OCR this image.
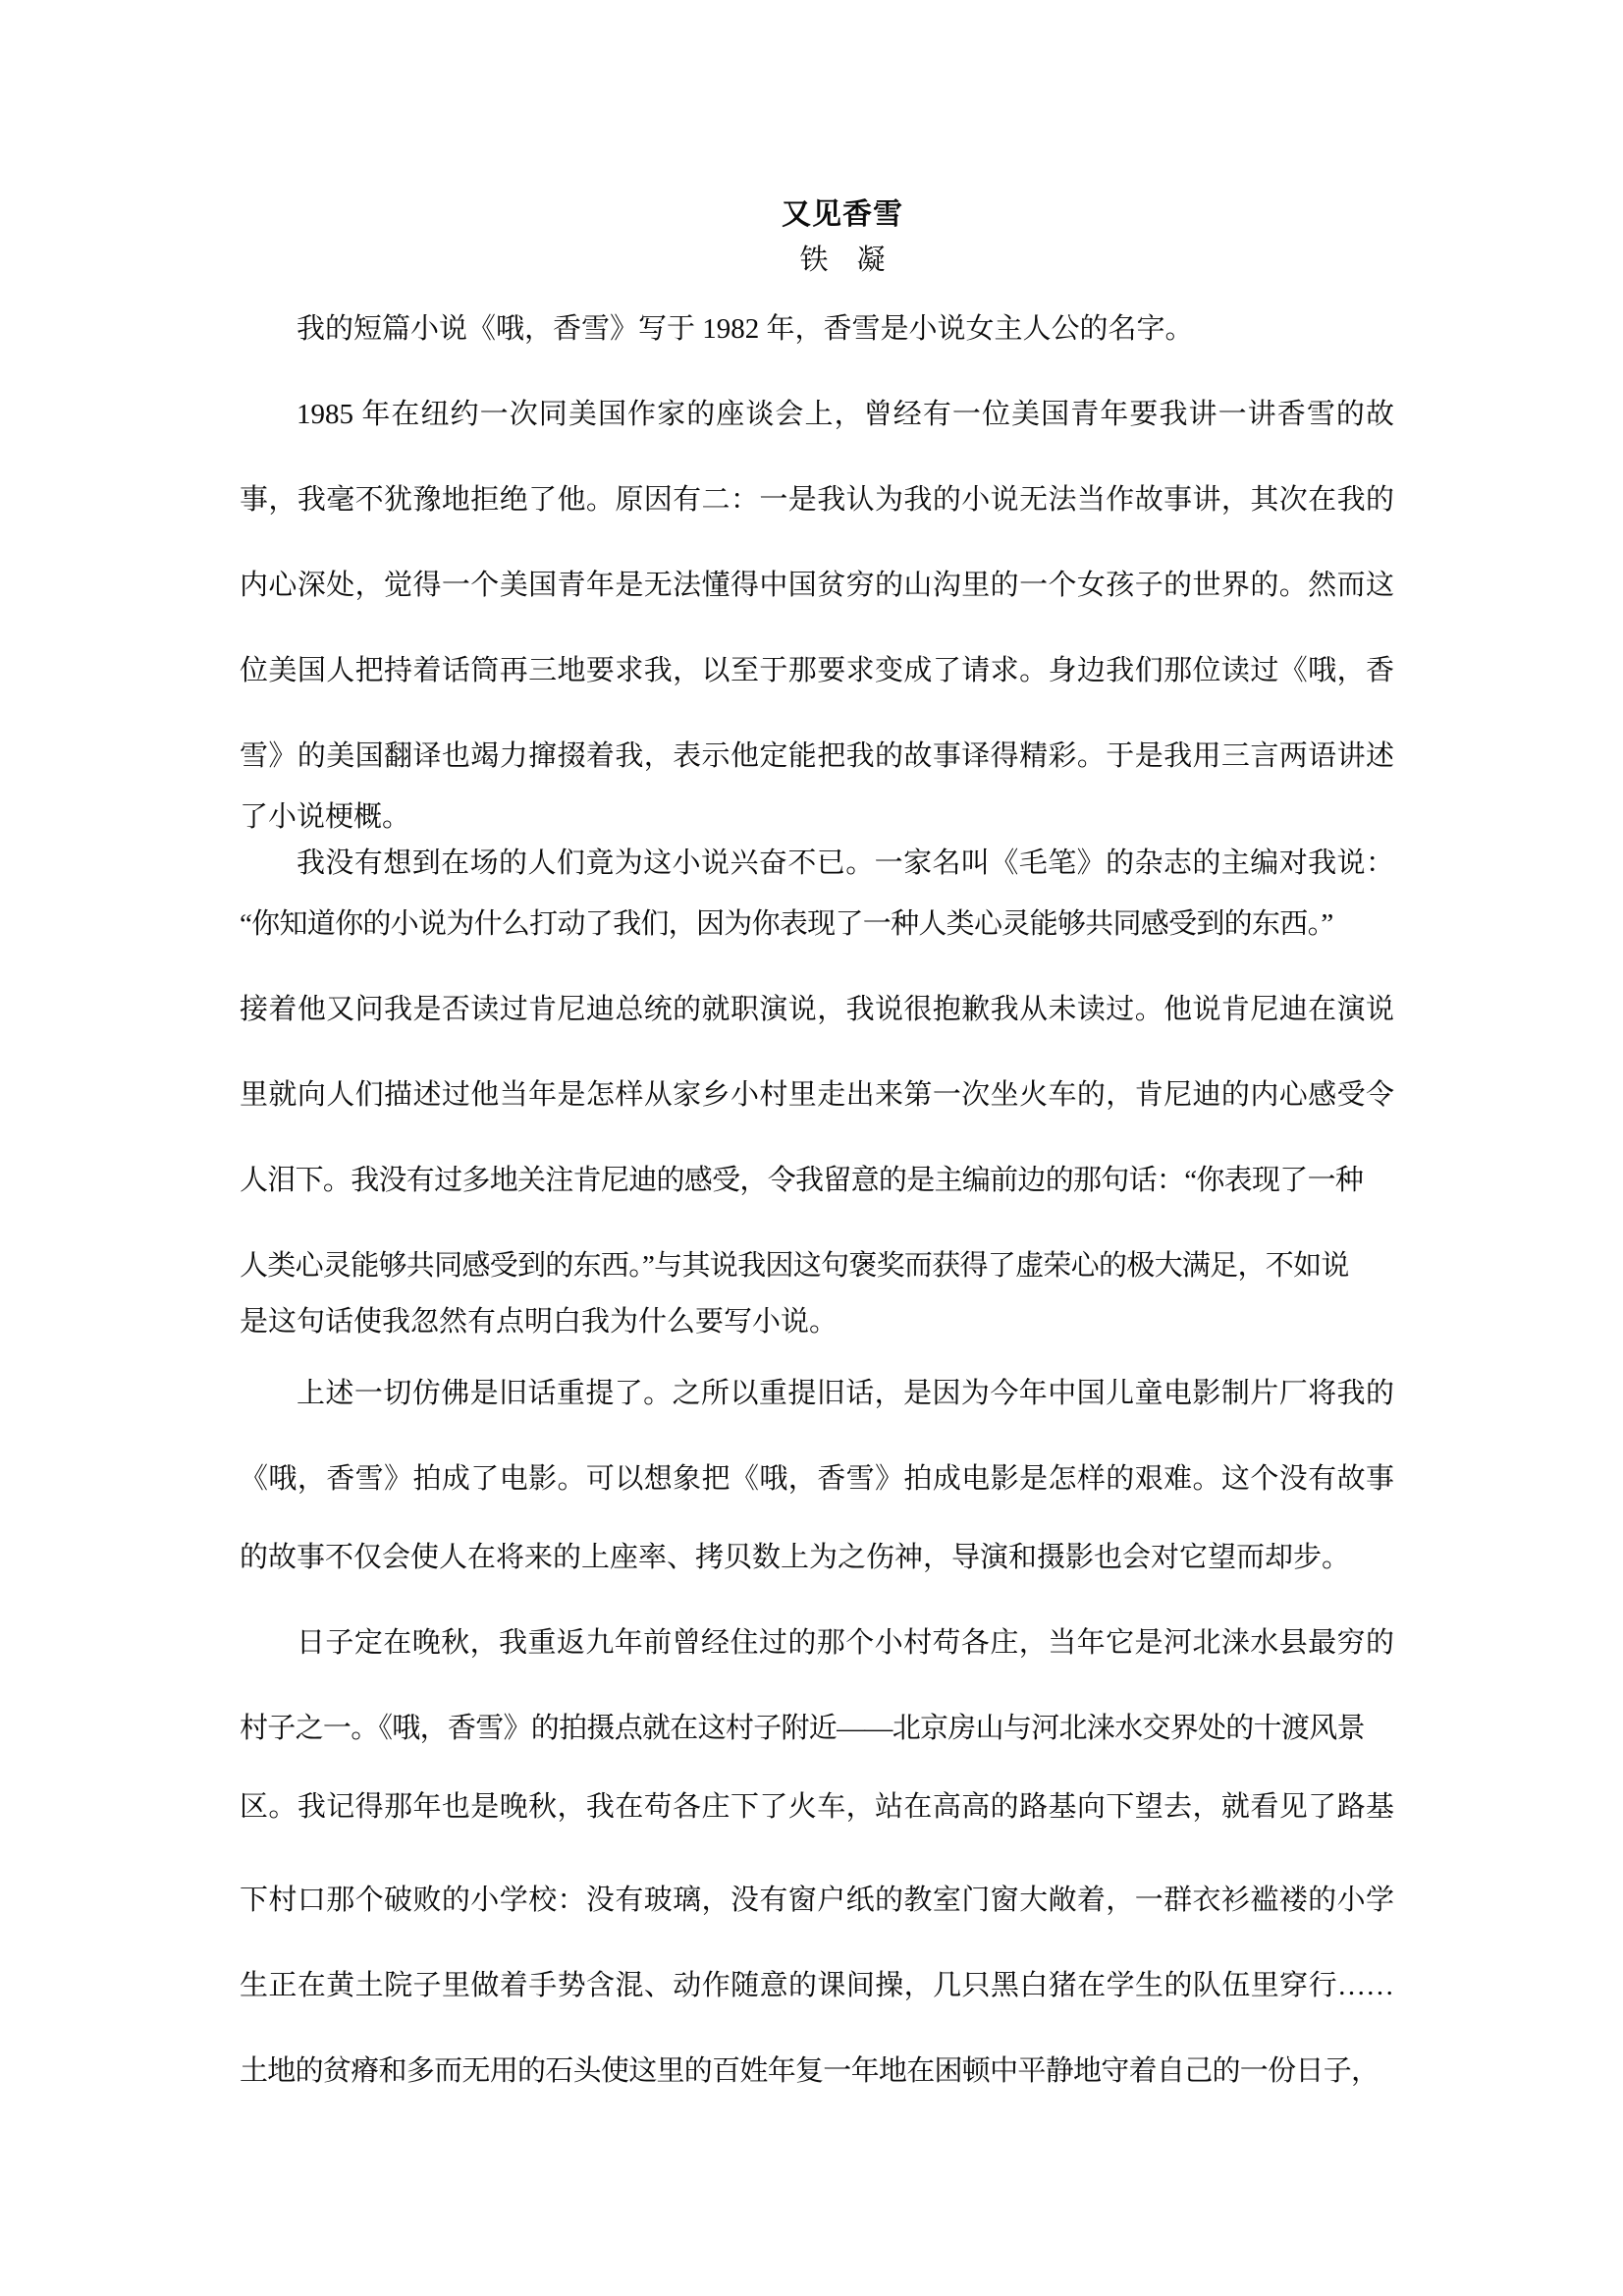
又见香雪
铁　凝
我的短篇小说《哦，香雪》写于 1982 年，香雪是小说女主人公的名字。
1985 年在纽约一次同美国作家的座谈会上，曾经有一位美国青年要我讲一讲香雪的故
事，我毫不犹豫地拒绝了他。原因有二：一是我认为我的小说无法当作故事讲，其次在我的
内心深处，觉得一个美国青年是无法懂得中国贫穷的山沟里的一个女孩子的世界的。然而这
位美国人把持着话筒再三地要求我，以至于那要求变成了请求。身边我们那位读过《哦，香
雪》的美国翻译也竭力撺掇着我，表示他定能把我的故事译得精彩。于是我用三言两语讲述
了小说梗概。
我没有想到在场的人们竟为这小说兴奋不已。一家名叫《毛笔》的杂志的主编对我说：
“你知道你的小说为什么打动了我们，因为你表现了一种人类心灵能够共同感受到的东西。”
接着他又问我是否读过肯尼迪总统的就职演说，我说很抱歉我从未读过。他说肯尼迪在演说
里就向人们描述过他当年是怎样从家乡小村里走出来第一次坐火车的，肯尼迪的内心感受令
人泪下。我没有过多地关注肯尼迪的感受，令我留意的是主编前边的那句话：“你表现了一种
人类心灵能够共同感受到的东西。”与其说我因这句褒奖而获得了虚荣心的极大满足，不如说
是这句话使我忽然有点明白我为什么要写小说。
上述一切仿佛是旧话重提了。之所以重提旧话，是因为今年中国儿童电影制片厂将我的
《哦，香雪》拍成了电影。可以想象把《哦，香雪》拍成电影是怎样的艰难。这个没有故事
的故事不仅会使人在将来的上座率、拷贝数上为之伤神，导演和摄影也会对它望而却步。
日子定在晚秋，我重返九年前曾经住过的那个小村苟各庄，当年它是河北涞水县最穷的
村子之一。《哦，香雪》的拍摄点就在这村子附近——北京房山与河北涞水交界处的十渡风景
区。我记得那年也是晚秋，我在苟各庄下了火车，站在高高的路基向下望去，就看见了路基
下村口那个破败的小学校：没有玻璃，没有窗户纸的教室门窗大敞着，一群衣衫褴褛的小学
生正在黄土院子里做着手势含混、动作随意的课间操，几只黑白猪在学生的队伍里穿行……
土地的贫瘠和多而无用的石头使这里的百姓年复一年地在困顿中平静地守着自己的一份日子，
